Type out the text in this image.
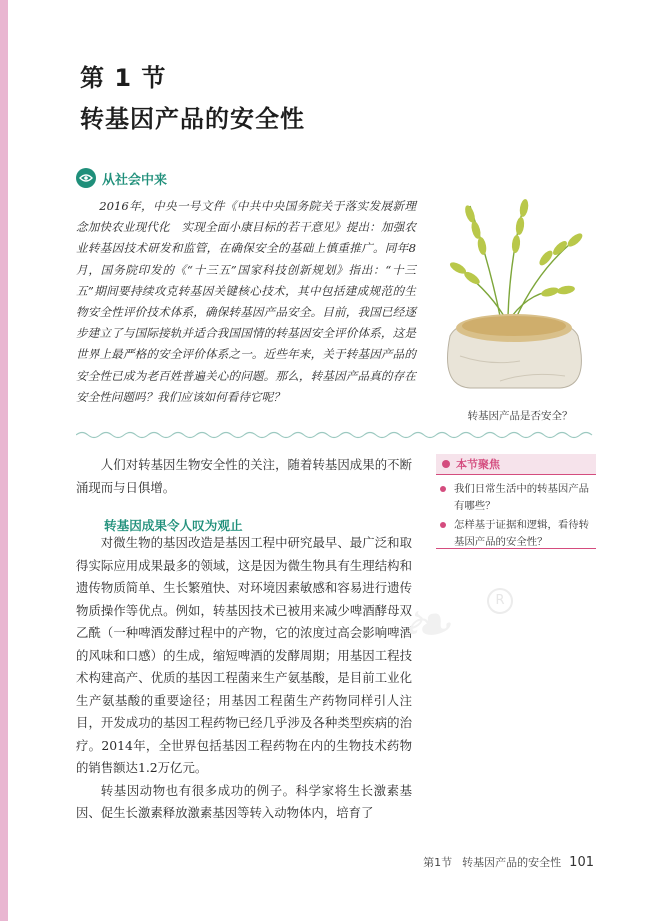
第 1 节
转基因产品的安全性
从社会中来

2016年，中央一号文件《中共中央国务院关于落实发展新理念加快农业现代化　实现全面小康目标的若干意见》提出：加强农业转基因技术研发和监管，在确保安全的基础上慎重推广。同年8月，国务院印发的《“十三五”国家科技创新规划》指出：“十三五”期间要持续攻克转基因关键核心技术，其中包括建成规范的生物安全性评价技术体系，确保转基因产品安全。目前，我国已经逐步建立了与国际接轨并适合我国国情的转基因安全评价体系，这是世界上最严格的安全评价体系之一。近些年来，关于转基因产品的安全性已成为老百姓普遍关心的问题。那么，转基因产品真的存在安全性问题吗？我们应该如何看待它呢？

转基因产品是否安全？

人们对转基因生物安全性的关注，随着转基因成果的不断涌现而与日俱增。

本节聚焦
我们日常生活中的转基因产品有哪些？
怎样基于证据和逻辑，看待转基因产品的安全性？
转基因成果令人叹为观止

对微生物的基因改造是基因工程中研究最早、最广泛和取得实际应用成果最多的领域，这是因为微生物具有生理结构和遗传物质简单、生长繁殖快、对环境因素敏感和容易进行遗传物质操作等优点。例如，转基因技术已被用来减少啤酒酵母双乙酰（一种啤酒发酵过程中的产物，它的浓度过高会影响啤酒的风味和口感）的生成，缩短啤酒的发酵周期；用基因工程技术构建高产、优质的基因工程菌来生产氨基酸，是目前工业化生产氨基酸的重要途径；用基因工程菌生产药物同样引人注目，开发成功的基因工程药物已经几乎涉及各种类型疾病的治疗。2014年，全世界包括基因工程药物在内的生物技术药物的销售额达1.2万亿元。

转基因动物也有很多成功的例子。科学家将生长激素基因、促生长激素释放激素基因等转入动物体内，培育了

❧	R
第1节 转基因产品的安全性 101
